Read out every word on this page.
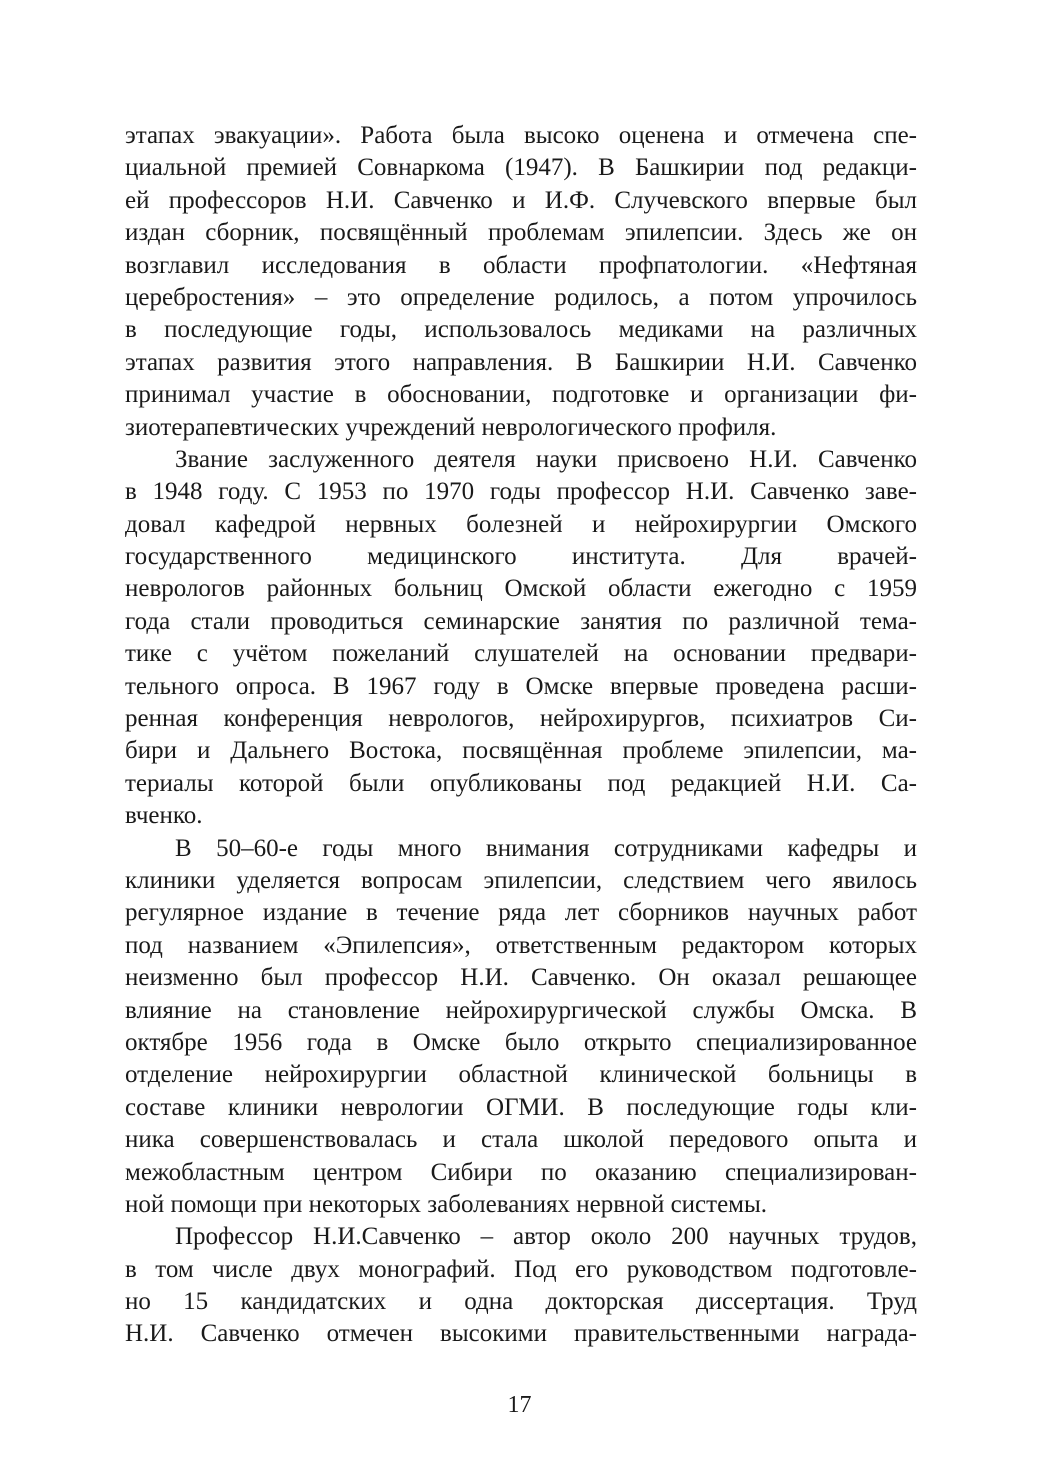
этапах эвакуации». Работа была высоко оценена и отмечена спе-
циальной премией Совнаркома (1947). В Башкирии под редакци-
ей профессоров Н.И. Савченко и И.Ф. Случевского впервые был
издан сборник, посвящённый проблемам эпилепсии. Здесь же он
возглавил исследования в области профпатологии. «Нефтяная
церебростения» – это определение родилось, а потом упрочилось
в последующие годы, использовалось медиками на различных
этапах развития этого направления. В Башкирии Н.И. Савченко
принимал участие в обосновании, подготовке и организации фи-
зиотерапевтических учреждений неврологического профиля.
Звание заслуженного деятеля науки присвоено Н.И. Савченко
в 1948 году. С 1953 по 1970 годы профессор Н.И. Савченко заве-
довал кафедрой нервных болезней и нейрохирургии Омского
государственного медицинского института. Для врачей-
неврологов районных больниц Омской области ежегодно с 1959
года стали проводиться семинарские занятия по различной тема-
тике с учётом пожеланий слушателей на основании предвари-
тельного опроса. В 1967 году в Омске впервые проведена расши-
ренная конференция неврологов, нейрохирургов, психиатров Си-
бири и Дальнего Востока, посвящённая проблеме эпилепсии, ма-
териалы которой были опубликованы под редакцией Н.И. Са-
вченко.
В 50–60-е годы много внимания сотрудниками кафедры и
клиники уделяется вопросам эпилепсии, следствием чего явилось
регулярное издание в течение ряда лет сборников научных работ
под названием «Эпилепсия», ответственным редактором которых
неизменно был профессор Н.И. Савченко. Он оказал решающее
влияние на становление нейрохирургической службы Омска. В
октябре 1956 года в Омске было открыто специализированное
отделение нейрохирургии областной клинической больницы в
составе клиники неврологии ОГМИ. В последующие годы кли-
ника совершенствовалась и стала школой передового опыта и
межобластным центром Сибири по оказанию специализирован-
ной помощи при некоторых заболеваниях нервной системы.
Профессор Н.И.Савченко – автор около 200 научных трудов,
в том числе двух монографий. Под его руководством подготовле-
но 15 кандидатских и одна докторская диссертация. Труд
Н.И. Савченко отмечен высокими правительственными награда-
17
